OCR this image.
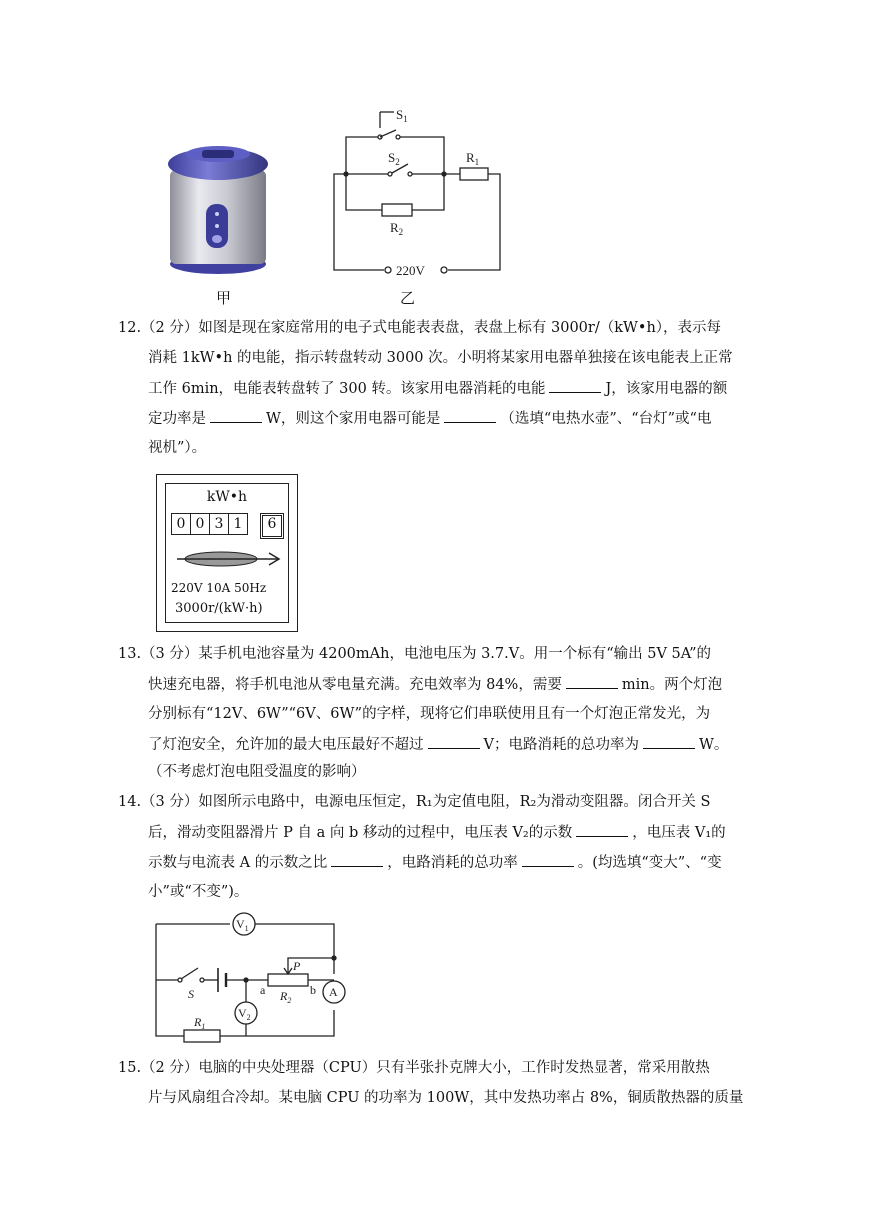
甲
$S_1$
$S_2$	$R_1$
$R_2$
220V
乙
12.（2 分）如图是现在家庭常用的电子式电能表表盘，表盘上标有 3000r/（kW•h），表示每
消耗 1kW•h 的电能，指示转盘转动 3000 次。小明将某家用电器单独接在该电能表上正常
工作 6min，电能表转盘转了 300 转。该家用电器消耗的电能	J，该家用电器的额
定功率是	W，则这个家用电器可能是	（选填“电热水壶”、“台灯”或“电
视机”）。
kW•h
0 0 3 1	6
220V 10A 50Hz
3000r/(kW·h)
13.（3 分）某手机电池容量为 4200mAh，电池电压为 3.7.V。用一个标有“输出 5V 5A”的
快速充电器，将手机电池从零电量充满。充电效率为 84%，需要	min。两个灯泡
分别标有“12V、6W”“6V、6W”的字样，现将它们串联使用且有一个灯泡正常发光，为
了灯泡安全，允许加的最大电压最好不超过	V；电路消耗的总功率为	W。
（不考虑灯泡电阻受温度的影响）
14.（3 分）如图所示电路中，电源电压恒定，R₁为定值电阻，R₂为滑动变阻器。闭合开关 S
后，滑动变阻器滑片 P 自 a 向 b 移动的过程中，电压表 V₂的示数	，电压表 V₁的
示数与电流表 A 的示数之比	，电路消耗的总功率	。(均选填“变大”、“变
小”或“不变”)。
$V_1$
$V_2$
A
S
P
a	b
$R_2$
$R_1$
15.（2 分）电脑的中央处理器（CPU）只有半张扑克牌大小，工作时发热显著，常采用散热
片与风扇组合冷却。某电脑 CPU 的功率为 100W，其中发热功率占 8%，铜质散热器的质量
